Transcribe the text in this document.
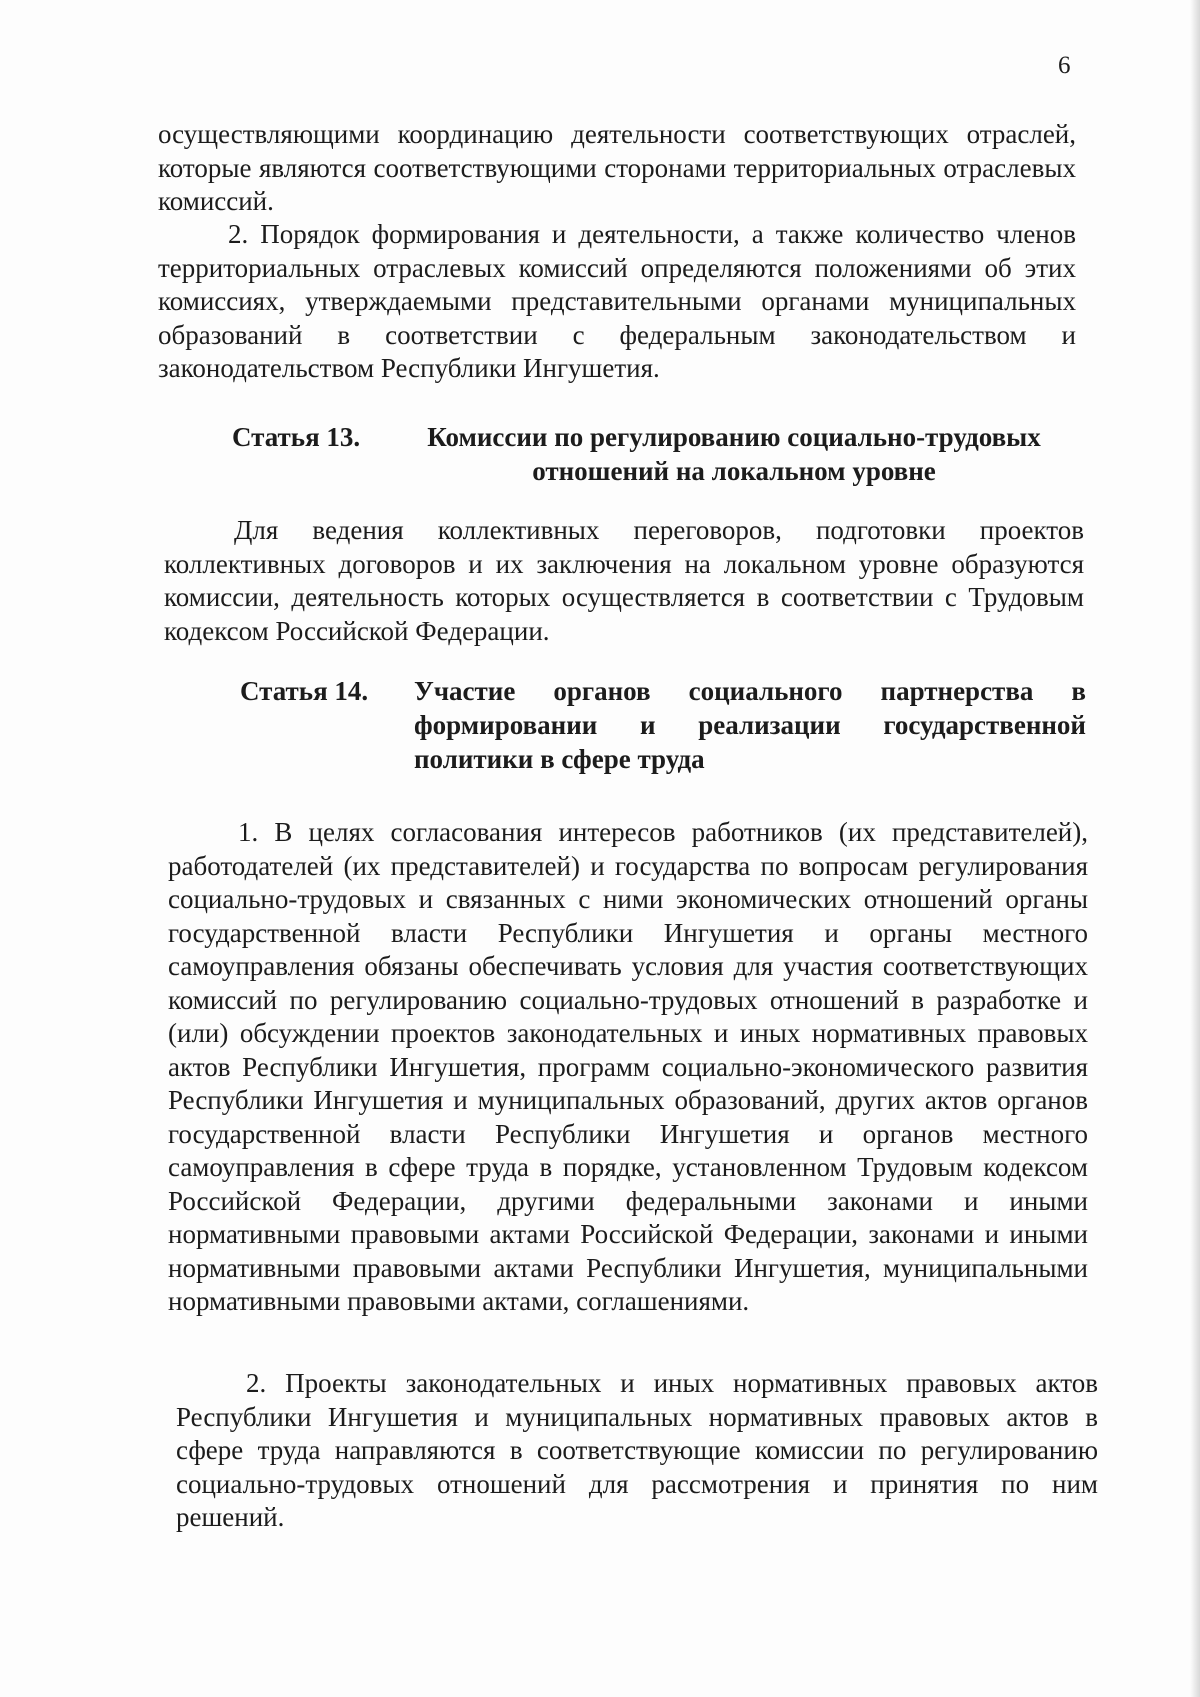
6

осуществляющими координацию деятельности соответствующих отраслей, которые являются соответствующими сторонами территориальных отраслевых комиссий.

2. Порядок формирования и деятельности, а также количество членов территориальных отраслевых комиссий определяются положениями об этих комиссиях, утверждаемыми представительными органами муниципальных образований в соответствии с федеральным законодательством и законодательством Республики Ингушетия.

Статья 13.	Комиссии по регулированию социально-трудовых отношений на локальном уровне

Для ведения коллективных переговоров, подготовки проектов коллективных договоров и их заключения на локальном уровне образуются комиссии, деятельность которых осуществляется в соответствии с Трудовым кодексом Российской Федерации.

Статья 14.	Участие органов социального партнерства в формировании и реализации государственной политики в сфере труда

1. В целях согласования интересов работников (их представителей), работодателей (их представителей) и государства по вопросам регулирования социально-трудовых и связанных с ними экономических отношений органы государственной власти Республики Ингушетия и органы местного самоуправления обязаны обеспечивать условия для участия соответствующих комиссий по регулированию социально-трудовых отношений в разработке и (или) обсуждении проектов законодательных и иных нормативных правовых актов Республики Ингушетия, программ социально-экономического развития Республики Ингушетия и муниципальных образований, других актов органов государственной власти Республики Ингушетия и органов местного самоуправления в сфере труда в порядке, установленном Трудовым кодексом Российской Федерации, другими федеральными законами и иными нормативными правовыми актами Российской Федерации, законами и иными нормативными правовыми актами Республики Ингушетия, муниципальными нормативными правовыми актами, соглашениями.

2. Проекты законодательных и иных нормативных правовых актов Республики Ингушетия и муниципальных нормативных правовых актов в сфере труда направляются в соответствующие комиссии по регулированию социально-трудовых отношений для рассмотрения и принятия по ним решений.
